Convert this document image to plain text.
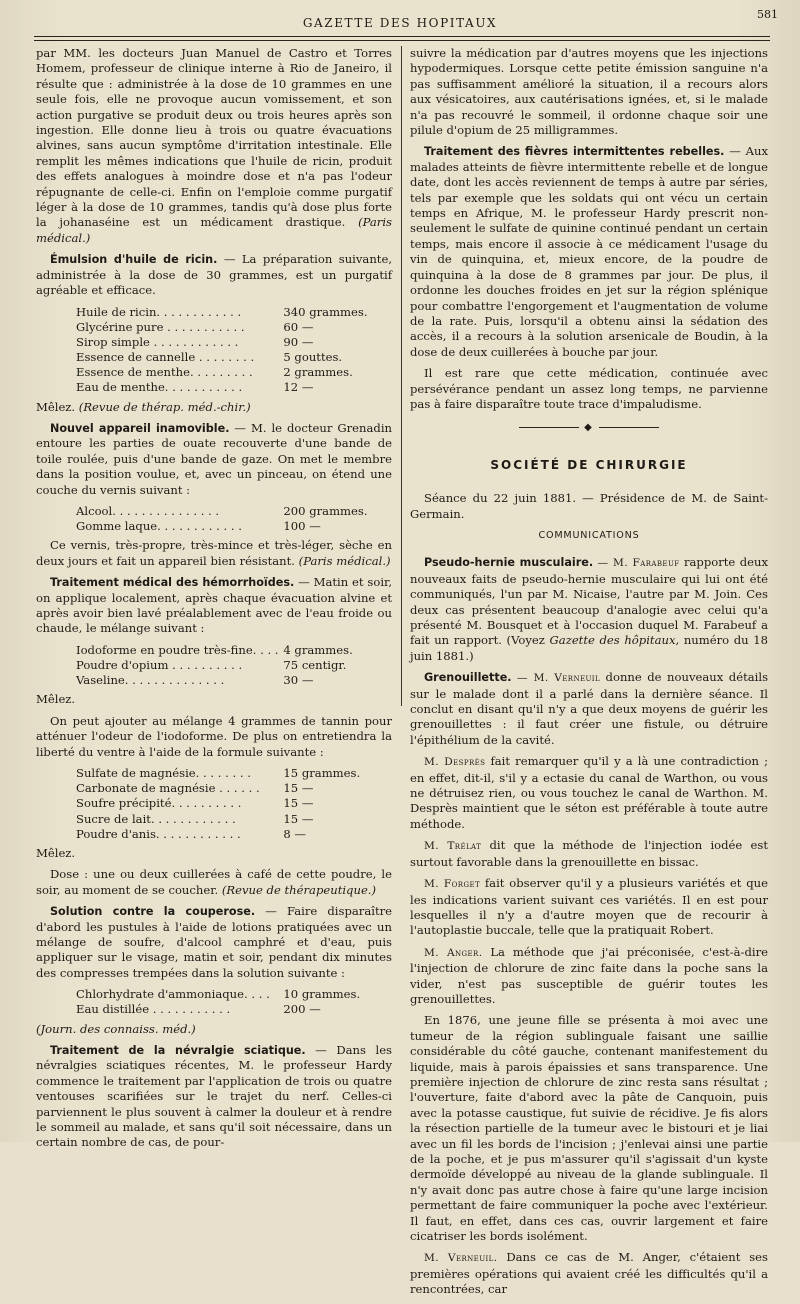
GAZETTE DES HOPITAUX
581

par MM. les docteurs Juan Manuel de Castro et Torres Homem, professeur de clinique interne à Rio de Janeiro, il résulte que : administrée à la dose de 10 grammes en une seule fois, elle ne provoque aucun vomissement, et son action purgative se produit deux ou trois heures après son ingestion. Elle donne lieu à trois ou quatre évacuations alvines, sans aucun symptôme d'irritation intestinale. Elle remplit les mêmes indications que l'huile de ricin, produit des effets analogues à moindre dose et n'a pas l'odeur répugnante de celle-ci. Enfin on l'emploie comme purgatif léger à la dose de 10 grammes, tandis qu'à dose plus forte la johanaséine est un médicament drastique. (Paris médical.)

Émulsion d'huile de ricin. — La préparation suivante, administrée à la dose de 30 grammes, est un purgatif agréable et efficace.

Huile de ricin. . . . . . . . . . . .	340 grammes.
Glycérine pure . . . . . . . . . . .	60 —
Sirop simple . . . . . . . . . . . .	90 —
Essence de cannelle . . . . . . . .	5 gouttes.
Essence de menthe. . . . . . . . .	2 grammes.
Eau de menthe. . . . . . . . . . .	12 —
Mêlez. (Revue de thérap. méd.-chir.)

Nouvel appareil inamovible. — M. le docteur Grenadin entoure les parties de ouate recouverte d'une bande de toile roulée, puis d'une bande de gaze. On met le membre dans la position voulue, et, avec un pinceau, on étend une couche du vernis suivant :

Alcool. . . . . . . . . . . . . . .	200 grammes.
Gomme laque. . . . . . . . . . . .	100 —

Ce vernis, très-propre, très-mince et très-léger, sèche en deux jours et fait un appareil bien résistant. (Paris médical.)

Traitement médical des hémorrhoïdes. — Matin et soir, on applique localement, après chaque évacuation alvine et après avoir bien lavé préalablement avec de l'eau froide ou chaude, le mélange suivant :

Iodoforme en poudre très-fine. . . . 4 grammes.
Poudre d'opium . . . . . . . . . .	75 centigr.
Vaseline. . . . . . . . . . . . . .	30 —
Mêlez.

On peut ajouter au mélange 4 grammes de tannin pour atténuer l'odeur de l'iodoforme. De plus on entretiendra la liberté du ventre à l'aide de la formule suivante :

Sulfate de magnésie. . . . . . . .	15 grammes.
Carbonate de magnésie . . . . . .	15 —
Soufre précipité. . . . . . . . . .	15 —
Sucre de lait. . . . . . . . . . . .	15 —
Poudre d'anis. . . . . . . . . . . .	8 —
Mêlez.

Dose : une ou deux cuillerées à café de cette poudre, le soir, au moment de se coucher. (Revue de thérapeutique.)

Solution contre la couperose. — Faire disparaître d'abord les pustules à l'aide de lotions pratiquées avec un mélange de soufre, d'alcool camphré et d'eau, puis appliquer sur le visage, matin et soir, pendant dix minutes des compresses trempées dans la solution suivante :

Chlorhydrate d'ammoniaque. . . .	10 grammes.
Eau distillée . . . . . . . . . . .	200 —
(Journ. des connaiss. méd.)

Traitement de la névralgie sciatique. — Dans les névralgies sciatiques récentes, M. le professeur Hardy commence le traitement par l'application de trois ou quatre ventouses scarifiées sur le trajet du nerf. Celles-ci parviennent le plus souvent à calmer la douleur et à rendre le sommeil au malade, et sans qu'il soit nécessaire, dans un certain nombre de cas, de pour-

suivre la médication par d'autres moyens que les injections hypodermiques. Lorsque cette petite émission sanguine n'a pas suffisamment amélioré la situation, il a recours alors aux vésicatoires, aux cautérisations ignées, et, si le malade n'a pas recouvré le sommeil, il ordonne chaque soir une pilule d'opium de 25 milligrammes.

Traitement des fièvres intermittentes rebelles. — Aux malades atteints de fièvre intermittente rebelle et de longue date, dont les accès reviennent de temps à autre par séries, tels par exemple que les soldats qui ont vécu un certain temps en Afrique, M. le professeur Hardy prescrit non-seulement le sulfate de quinine continué pendant un certain temps, mais encore il associe à ce médicament l'usage du vin de quinquina, et, mieux encore, de la poudre de quinquina à la dose de 8 grammes par jour. De plus, il ordonne les douches froides en jet sur la région splénique pour combattre l'engorgement et l'augmentation de volume de la rate. Puis, lorsqu'il a obtenu ainsi la sédation des accès, il a recours à la solution arsenicale de Boudin, à la dose de deux cuillerées à bouche par jour.

Il est rare que cette médication, continuée avec persévérance pendant un assez long temps, ne parvienne pas à faire disparaître toute trace d'impaludisme.

◆
SOCIÉTÉ DE CHIRURGIE

Séance du 22 juin 1881. — Présidence de M. de Saint-Germain.

COMMUNICATIONS

Pseudo-hernie musculaire. — M. Farabeuf rapporte deux nouveaux faits de pseudo-hernie musculaire qui lui ont été communiqués, l'un par M. Nicaise, l'autre par M. Join. Ces deux cas présentent beaucoup d'analogie avec celui qu'a présenté M. Bousquet et à l'occasion duquel M. Farabeuf a fait un rapport. (Voyez Gazette des hôpitaux, numéro du 18 juin 1881.)

Grenouillette. — M. Verneuil donne de nouveaux détails sur le malade dont il a parlé dans la dernière séance. Il conclut en disant qu'il n'y a que deux moyens de guérir les grenouillettes : il faut créer une fistule, ou détruire l'épithélium de la cavité.

M. Desprès fait remarquer qu'il y a là une contradiction ; en effet, dit-il, s'il y a ectasie du canal de Warthon, ou vous ne détruisez rien, ou vous touchez le canal de Warthon. M. Desprès maintient que le séton est préférable à toute autre méthode.

M. Trélat dit que la méthode de l'injection iodée est surtout favorable dans la grenouillette en bissac.

M. Forget fait observer qu'il y a plusieurs variétés et que les indications varient suivant ces variétés. Il en est pour lesquelles il n'y a d'autre moyen que de recourir à l'autoplastie buccale, telle que la pratiquait Robert.

M. Anger. La méthode que j'ai préconisée, c'est-à-dire l'injection de chlorure de zinc faite dans la poche sans la vider, n'est pas susceptible de guérir toutes les grenouillettes.

En 1876, une jeune fille se présenta à moi avec une tumeur de la région sublinguale faisant une saillie considérable du côté gauche, contenant manifestement du liquide, mais à parois épaissies et sans transparence. Une première injection de chlorure de zinc resta sans résultat ; l'ouverture, faite d'abord avec la pâte de Canquoin, puis avec la potasse caustique, fut suivie de récidive. Je fis alors la résection partielle de la tumeur avec le bistouri et je liai avec un fil les bords de l'incision ; j'enlevai ainsi une partie de la poche, et je pus m'assurer qu'il s'agissait d'un kyste dermoïde développé au niveau de la glande sublinguale. Il n'y avait donc pas autre chose à faire qu'une large incision permettant de faire communiquer la poche avec l'extérieur. Il faut, en effet, dans ces cas, ouvrir largement et faire cicatriser les bords isolément.

M. Verneuil. Dans ce cas de M. Anger, c'étaient ses premières opérations qui avaient créé les difficultés qu'il a rencontrées, car
